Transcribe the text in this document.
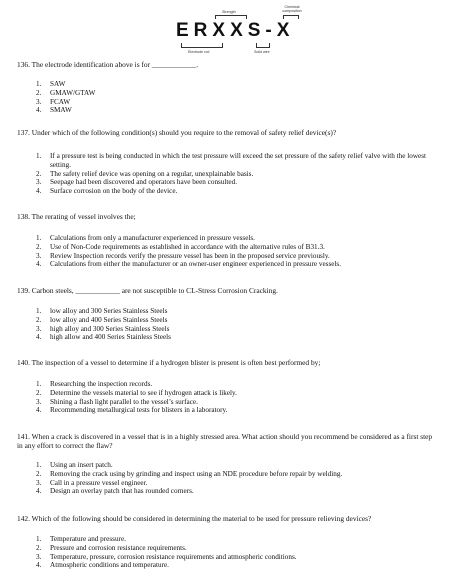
Strength
Chemical composition
ERXXS-X
Electrode rod	Solid wire
136. The electrode identification above is for ____________.
1. SAW
2. GMAW/GTAW
3. FCAW
4. SMAW
137. Under which of the following condition(s) should you require to the removal of safety relief device(s)?
1. If a pressure test is being conducted in which the test pressure will exceed the set pressure of the safety relief valve with the lowest setting.
2. The safety relief device was opening on a regular, unexplainable basis.
3. Seepage had been discovered and operators have been consulted.
4. Surface corrosion on the body of the device.
138. The rerating of vessel involves the;
1. Calculations from only a manufacturer experienced in pressure vessels.
2. Use of Non-Code requirements as established in accordance with the alternative rules of B31.3.
3. Review Inspection records verify the pressure vessel has been in the proposed service previously.
4. Calculations from either the manufacturer or an owner-user engineer experienced in pressure vessels.
139. Carbon steels, ____________ are not susceptible to CL-Stress Corrosion Cracking.
1. low alloy and 300 Series Stainless Steels
2. low alloy and 400 Series Stainless Steels
3. high alloy and 300 Series Stainless Steels
4. high allow and 400 Series Stainless Steels
140. The inspection of a vessel to determine if a hydrogen blister is present is often best performed by;
1. Researching the inspection records.
2. Determine the vessels material to see if hydrogen attack is likely.
3. Shining a flash light parallel to the vessel’s surface.
4. Recommending metallurgical tests for blisters in a laboratory.
141. When a crack is discovered in a vessel that is in a highly stressed area. What action should you recommend be considered as a first step in any effort to correct the flaw?
1. Using an insert patch.
2. Removing the crack using by grinding and inspect using an NDE procedure before repair by welding.
3. Call in a pressure vessel engineer.
4. Design an overlay patch that has rounded corners.
142. Which of the following should be considered in determining the material to be used for pressure relieving devices?
1. Temperature and pressure.
2. Pressure and corrosion resistance requirements.
3. Temperature, pressure, corrosion resistance requirements and atmospheric conditions.
4. Atmospheric conditions and temperature.
